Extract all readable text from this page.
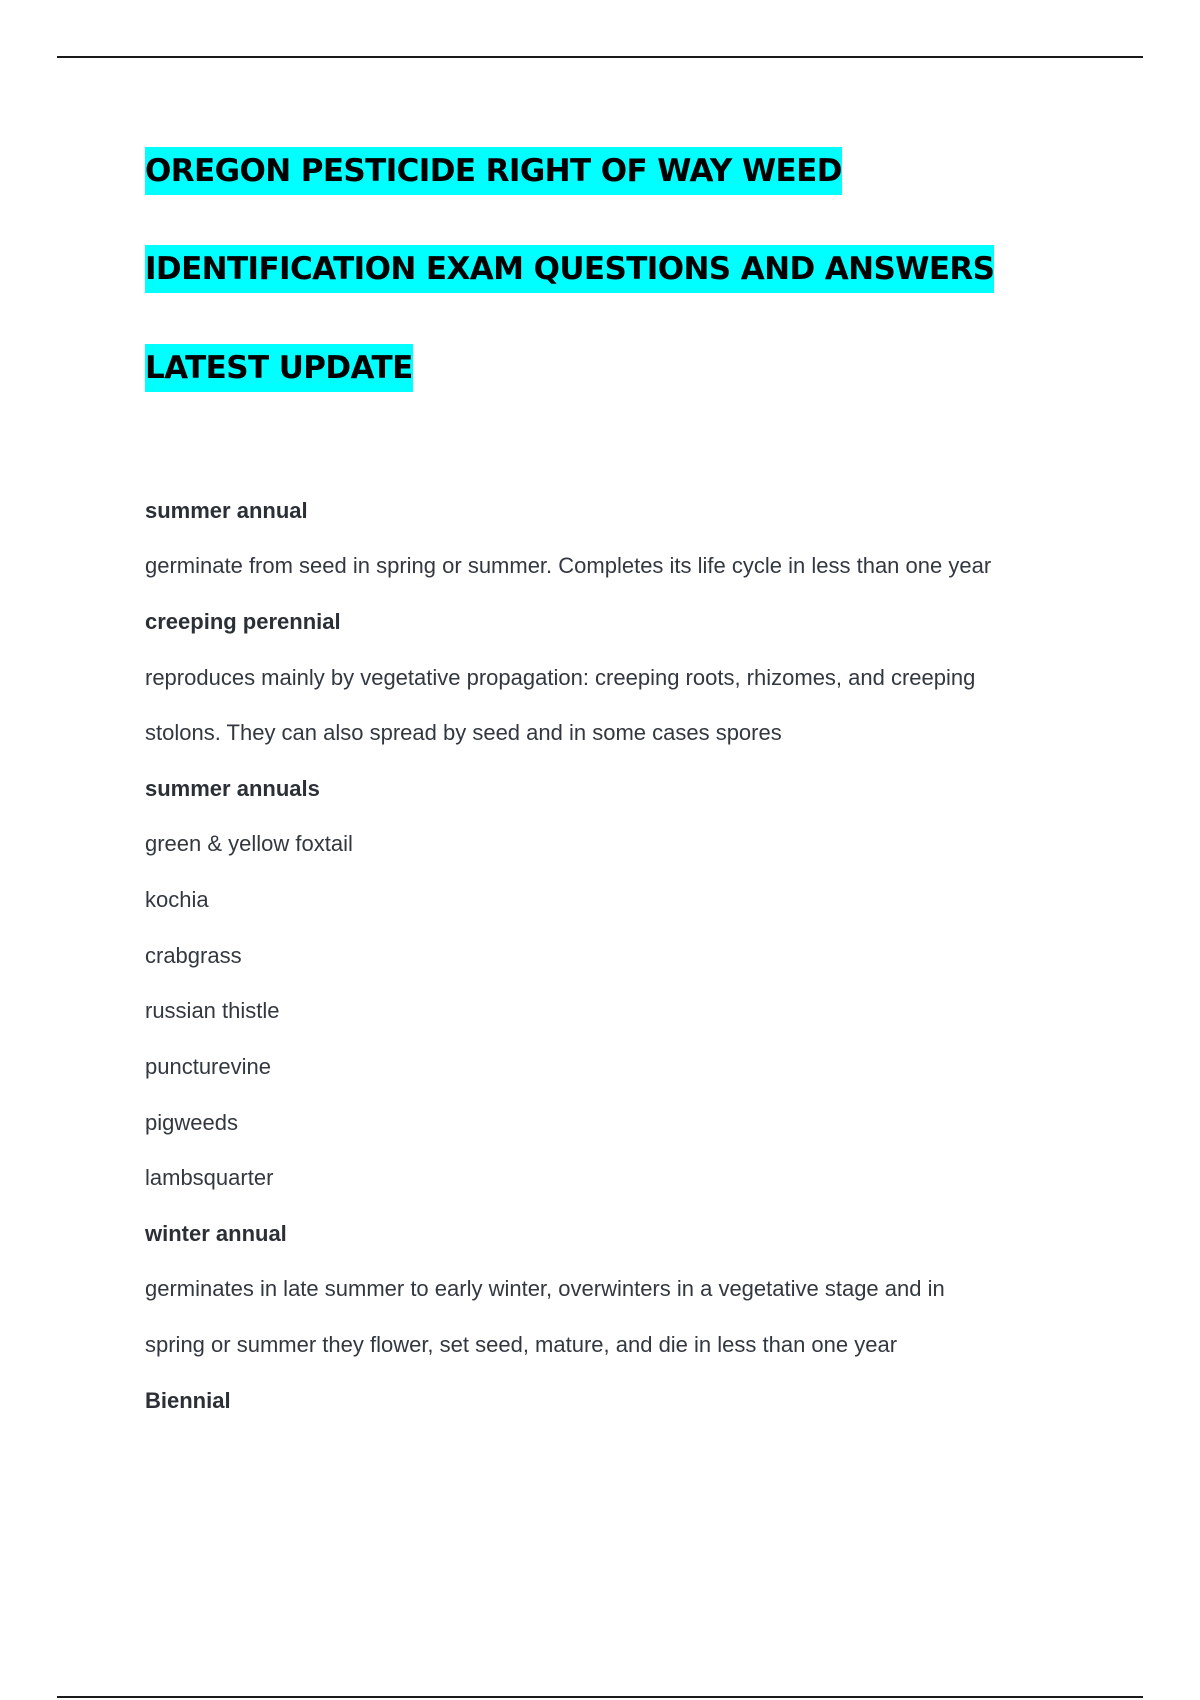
OREGON PESTICIDE RIGHT OF WAY WEED
IDENTIFICATION EXAM QUESTIONS AND ANSWERS
LATEST UPDATE

summer annual

germinate from seed in spring or summer. Completes its life cycle in less than one year

creeping perennial

reproduces mainly by vegetative propagation: creeping roots, rhizomes, and creeping

stolons. They can also spread by seed and in some cases spores

summer annuals

green & yellow foxtail

kochia

crabgrass

russian thistle

puncturevine

pigweeds

lambsquarter

winter annual

germinates in late summer to early winter, overwinters in a vegetative stage and in

spring or summer they flower, set seed, mature, and die in less than one year

Biennial
